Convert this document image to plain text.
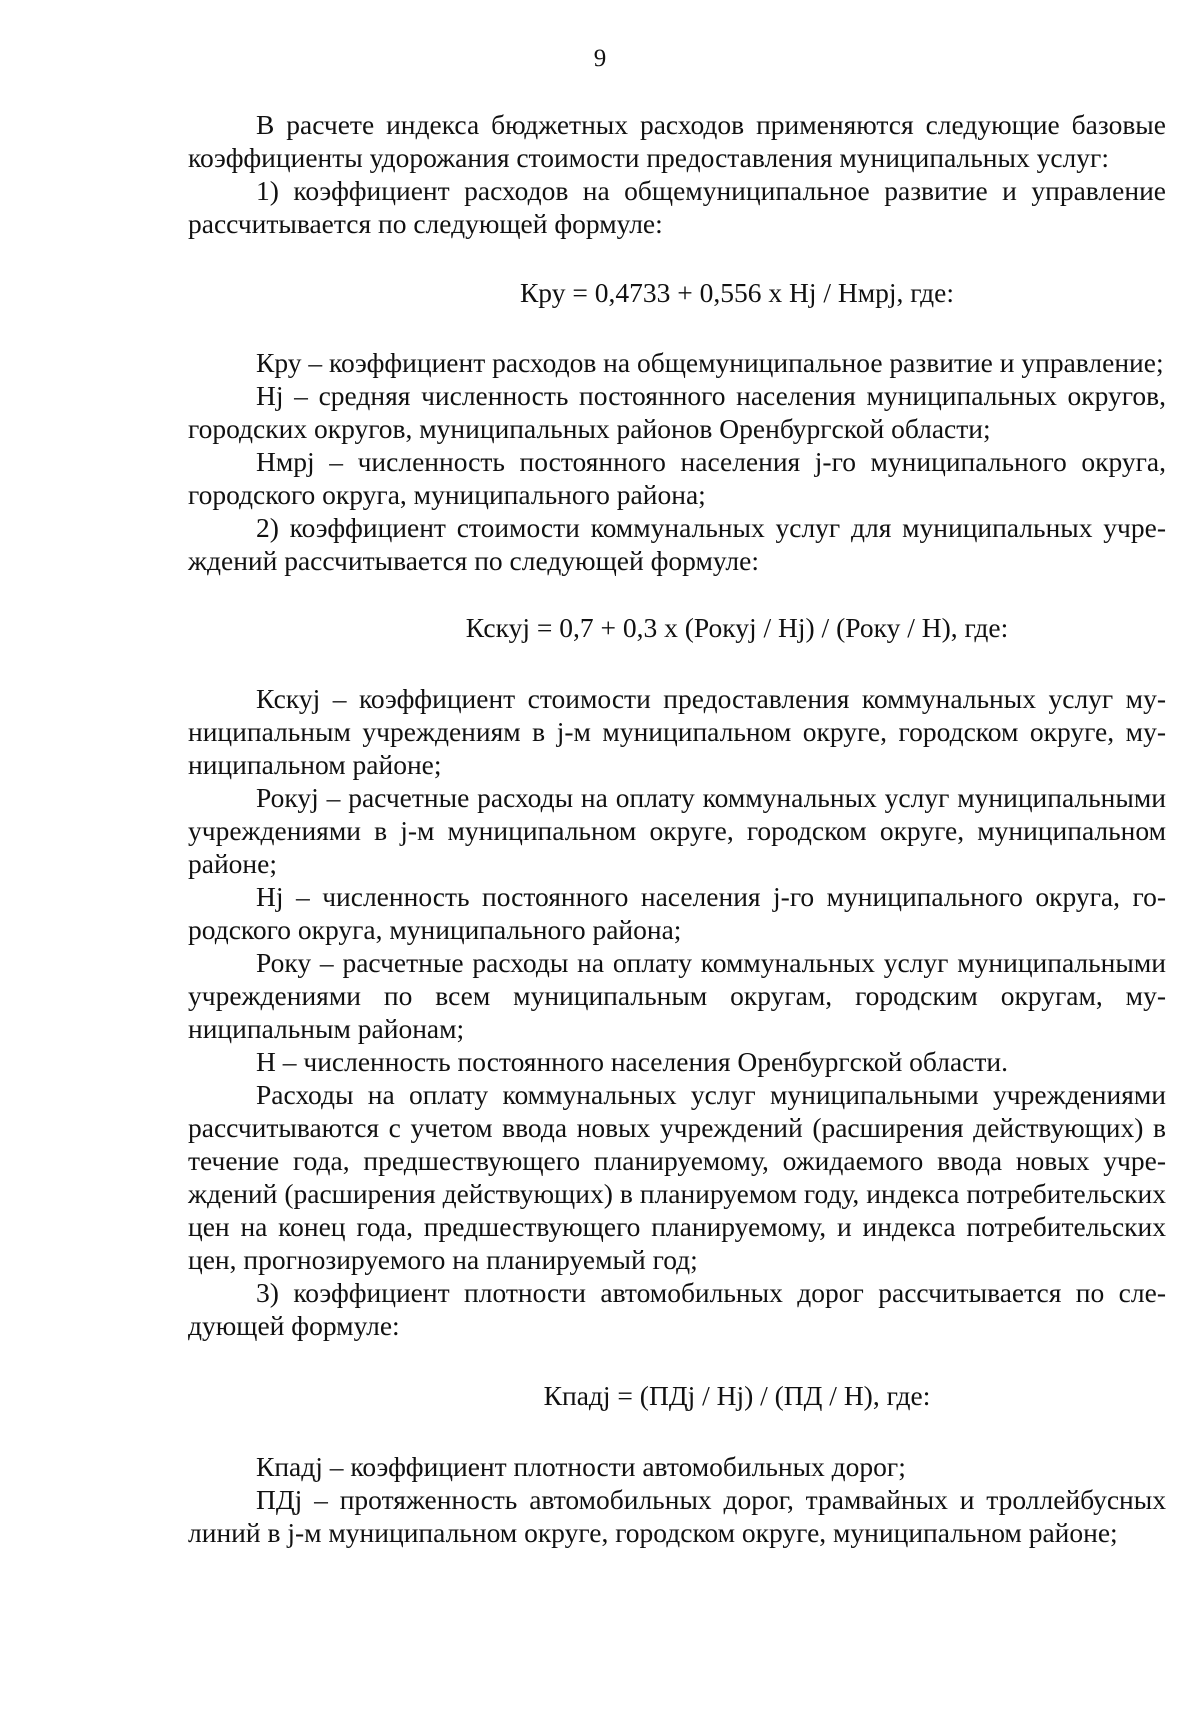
9

В расчете индекса бюджетных расходов применяются следующие базовые коэффициенты удорожания стоимости предоставления муниципальных услуг:

1) коэффициент расходов на общемуниципальное развитие и управление рассчитывается по следующей формуле:

Кру = 0,4733 + 0,556 х Hj / Нмрj, где:

Кру – коэффициент расходов на общемуниципальное развитие и управление;

Hj – средняя численность постоянного населения муниципальных округов, городских округов, муниципальных районов Оренбургской области;

Нмрj – численность постоянного населения j-го муниципального округа, городского округа, муниципального района;

2) коэффициент стоимости коммунальных услуг для муниципальных учреждений рассчитывается по следующей формуле:

Кскуj = 0,7 + 0,3 х (Рокуj / Hj) / (Року / Н), где:

Кскуj – коэффициент стоимости предоставления коммунальных услуг муниципальным учреждениям в j-м муниципальном округе, городском округе, муниципальном районе;

Рокуj – расчетные расходы на оплату коммунальных услуг муниципальными учреждениями в j-м муниципальном округе, городском округе, муниципальном районе;

Hj – численность постоянного населения j-го муниципального округа, городского округа, муниципального района;

Року – расчетные расходы на оплату коммунальных услуг муниципальными учреждениями по всем муниципальным округам, городским округам, муниципальным районам;

Н – численность постоянного населения Оренбургской области.

Расходы на оплату коммунальных услуг муниципальными учреждениями рассчитываются с учетом ввода новых учреждений (расширения действующих) в течение года, предшествующего планируемому, ожидаемого ввода новых учреждений (расширения действующих) в планируемом году, индекса потребительских цен на конец года, предшествующего планируемому, и индекса потребительских цен, прогнозируемого на планируемый год;

3) коэффициент плотности автомобильных дорог рассчитывается по следующей формуле:

Кпадj = (ПДj / Hj) / (ПД / Н), где:

Кпадj – коэффициент плотности автомобильных дорог;

ПДj – протяженность автомобильных дорог, трамвайных и троллейбусных линий в j-м муниципальном округе, городском округе, муниципальном районе;
